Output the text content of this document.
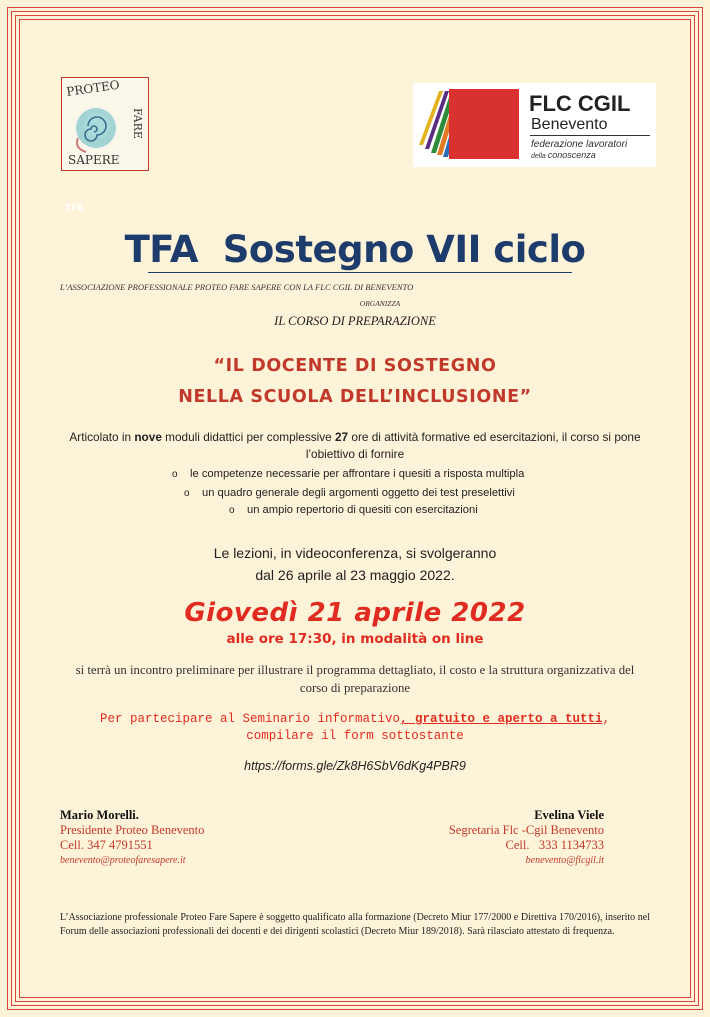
PROTEO
FARE
SAPERE
FLC CGIL
Benevento
federazione lavoratori
della conoscenza
TFA
TFA  Sostegno VII ciclo
L’ASSOCIAZIONE PROFESSIONALE PROTEO FARE SAPERE CON LA FLC CGIL DI BENEVENTO
ORGANIZZA
IL CORSO DI PREPARAZIONE
“IL DOCENTE DI SOSTEGNO
NELLA SCUOLA DELL’INCLUSIONE”
Articolato in nove moduli didattici per complessive 27 ore di attività formative ed esercitazioni, il corso si pone l’obiettivo di fornire
o le competenze necessarie per affrontare i quesiti a risposta multipla
o un quadro generale degli argomenti oggetto dei test preselettivi
o un ampio repertorio di quesiti con esercitazioni
Le lezioni, in videoconferenza, si svolgeranno
dal 26 aprile al 23 maggio 2022.
Giovedì 21 aprile 2022
alle ore 17:30, in modalità on line
si terrà un incontro preliminare per illustrare il programma dettagliato, il costo e la struttura organizzativa del corso di preparazione
Per partecipare al Seminario informativo, gratuito e aperto a tutti,
compilare il form sottostante
https://forms.gle/Zk8H6SbV6dKg4PBR9
Mario Morelli.
Presidente Proteo Benevento
Cell. 347 4791551
benevento@proteofaresapere.it
Evelina Viele
Segretaria Flc -Cgil Benevento
Cell.   333 1134733
benevento@flcgil.it
L’Associazione professionale Proteo Fare Sapere è soggetto qualificato alla formazione (Decreto Miur 177/2000 e Direttiva 170/2016), inserito nel Forum delle associazioni professionali dei docenti e dei dirigenti scolastici (Decreto Miur 189/2018). Sarà rilasciato attestato di frequenza.
